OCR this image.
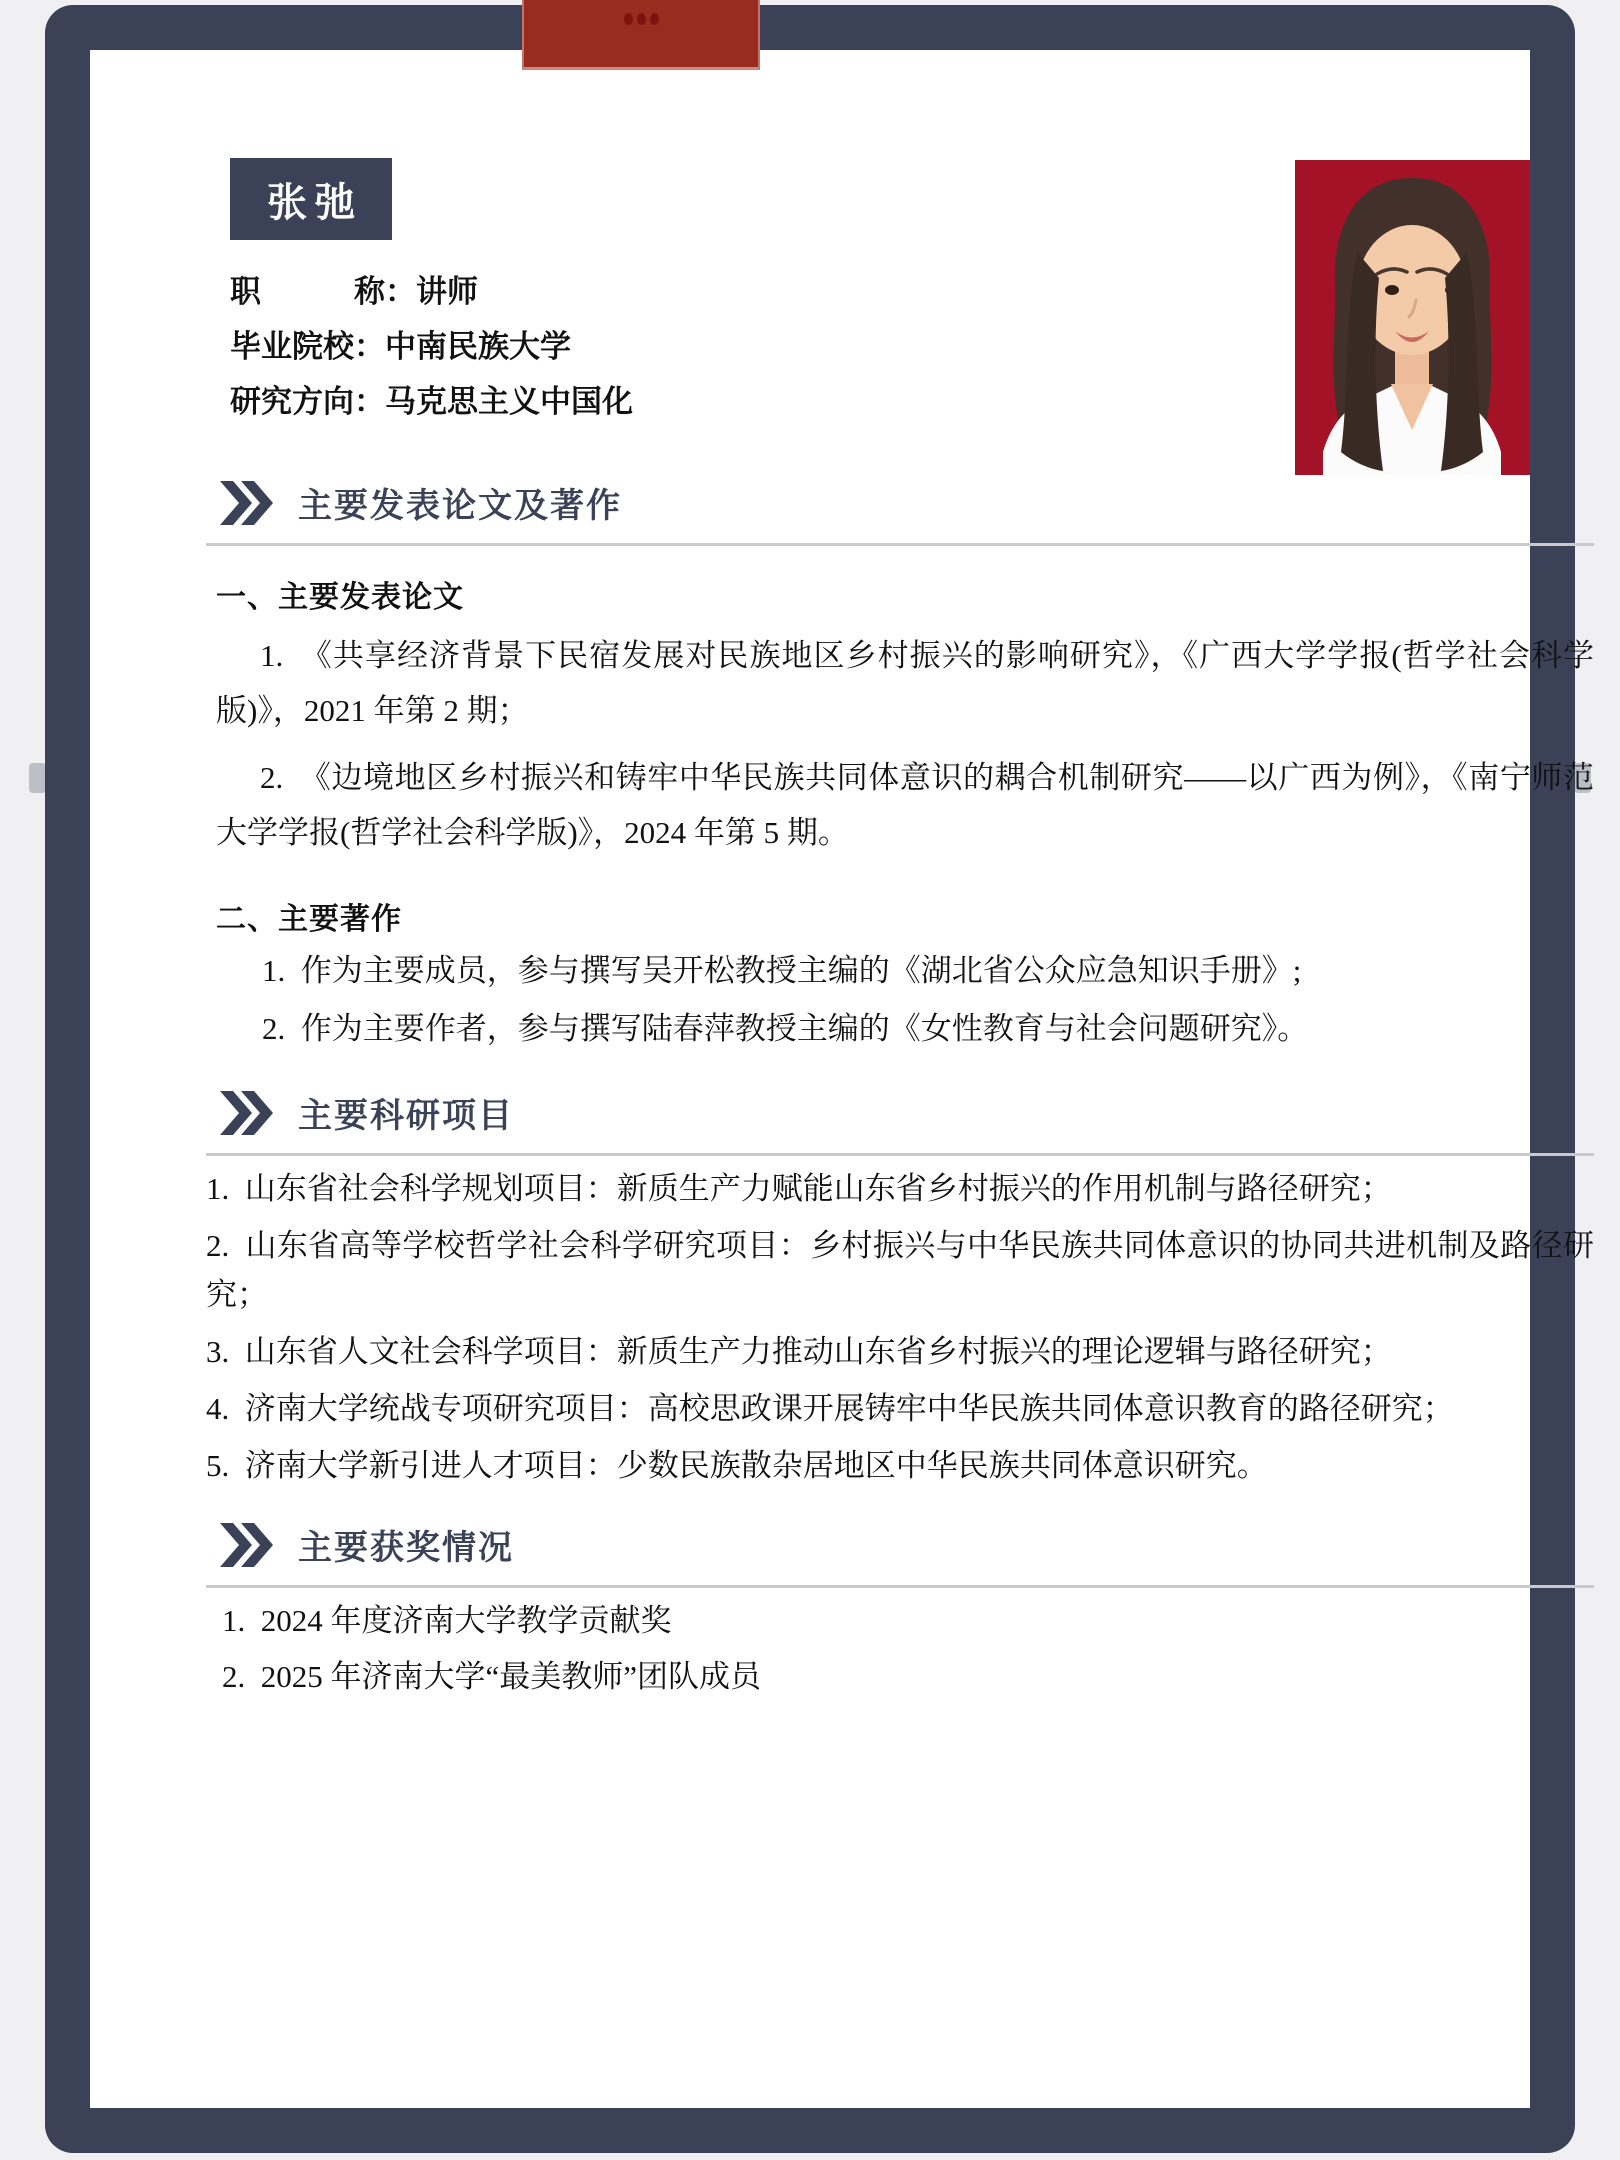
张弛
职　　　称：讲师
毕业院校：中南民族大学
研究方向：马克思主义中国化
主要发表论文及著作
一、主要发表论文

1.  《共享经济背景下民宿发展对民族地区乡村振兴的影响研究》，《广西大学学报(哲学社会科学版)》，2021 年第 2 期；

2.  《边境地区乡村振兴和铸牢中华民族共同体意识的耦合机制研究——以广西为例》，《南宁师范大学学报(哲学社会科学版)》，2024 年第 5 期。

二、主要著作

1.  作为主要成员，参与撰写吴开松教授主编的《湖北省公众应急知识手册》;

2.  作为主要作者，参与撰写陆春萍教授主编的《女性教育与社会问题研究》。

主要科研项目

1.  山东省社会科学规划项目：新质生产力赋能山东省乡村振兴的作用机制与路径研究；

2.  山东省高等学校哲学社会科学研究项目：乡村振兴与中华民族共同体意识的协同共进机制及路径研究；

3.  山东省人文社会科学项目：新质生产力推动山东省乡村振兴的理论逻辑与路径研究；

4.  济南大学统战专项研究项目：高校思政课开展铸牢中华民族共同体意识教育的路径研究；

5.  济南大学新引进人才项目：少数民族散杂居地区中华民族共同体意识研究。

主要获奖情况

1.  2024 年度济南大学教学贡献奖

2.  2025 年济南大学“最美教师”团队成员
